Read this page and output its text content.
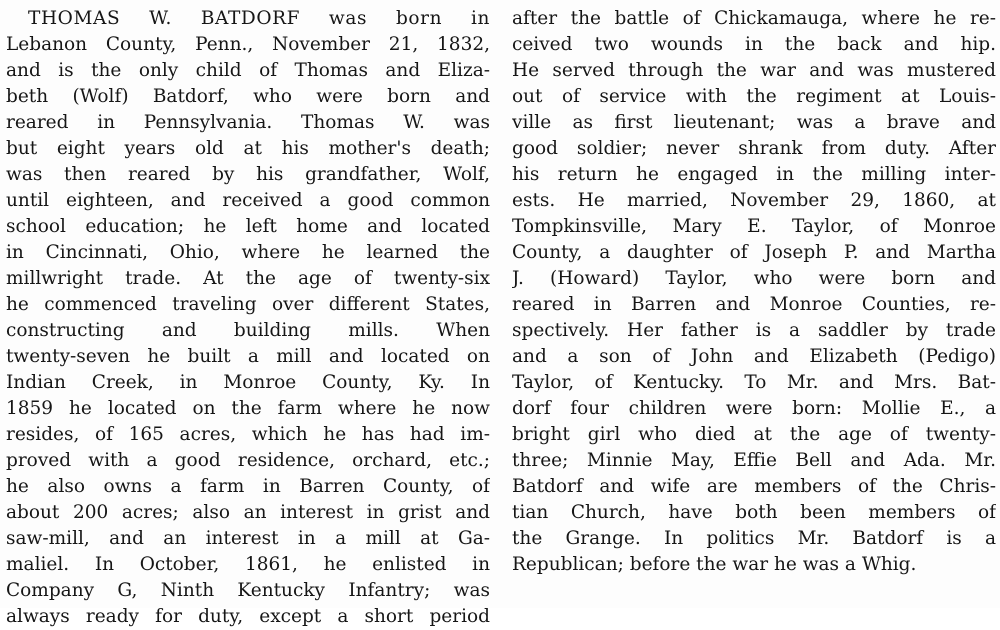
THOMAS W. BATDORF was born in
Lebanon County, Penn., November 21, 1832,
and is the only child of Thomas and Eliza-
beth (Wolf) Batdorf, who were born and
reared in Pennsylvania. Thomas W. was
but eight years old at his mother's death;
was then reared by his grandfather, Wolf,
until eighteen, and received a good common
school education; he left home and located
in Cincinnati, Ohio, where he learned the
millwright trade. At the age of twenty-six
he commenced traveling over different States,
constructing and building mills. When
twenty-seven he built a mill and located on
Indian Creek, in Monroe County, Ky. In
1859 he located on the farm where he now
resides, of 165 acres, which he has had im-
proved with a good residence, orchard, etc.;
he also owns a farm in Barren County, of
about 200 acres; also an interest in grist and
saw-mill, and an interest in a mill at Ga-
maliel. In October, 1861, he enlisted in
Company G, Ninth Kentucky Infantry; was
always ready for duty, except a short period
after the battle of Chickamauga, where he re-
ceived two wounds in the back and hip.
He served through the war and was mustered
out of service with the regiment at Louis-
ville as first lieutenant; was a brave and
good soldier; never shrank from duty. After
his return he engaged in the milling inter-
ests. He married, November 29, 1860, at
Tompkinsville, Mary E. Taylor, of Monroe
County, a daughter of Joseph P. and Martha
J. (Howard) Taylor, who were born and
reared in Barren and Monroe Counties, re-
spectively. Her father is a saddler by trade
and a son of John and Elizabeth (Pedigo)
Taylor, of Kentucky. To Mr. and Mrs. Bat-
dorf four children were born: Mollie E., a
bright girl who died at the age of twenty-
three; Minnie May, Effie Bell and Ada. Mr.
Batdorf and wife are members of the Chris-
tian Church, have both been members of
the Grange. In politics Mr. Batdorf is a
Republican; before the war he was a Whig.
